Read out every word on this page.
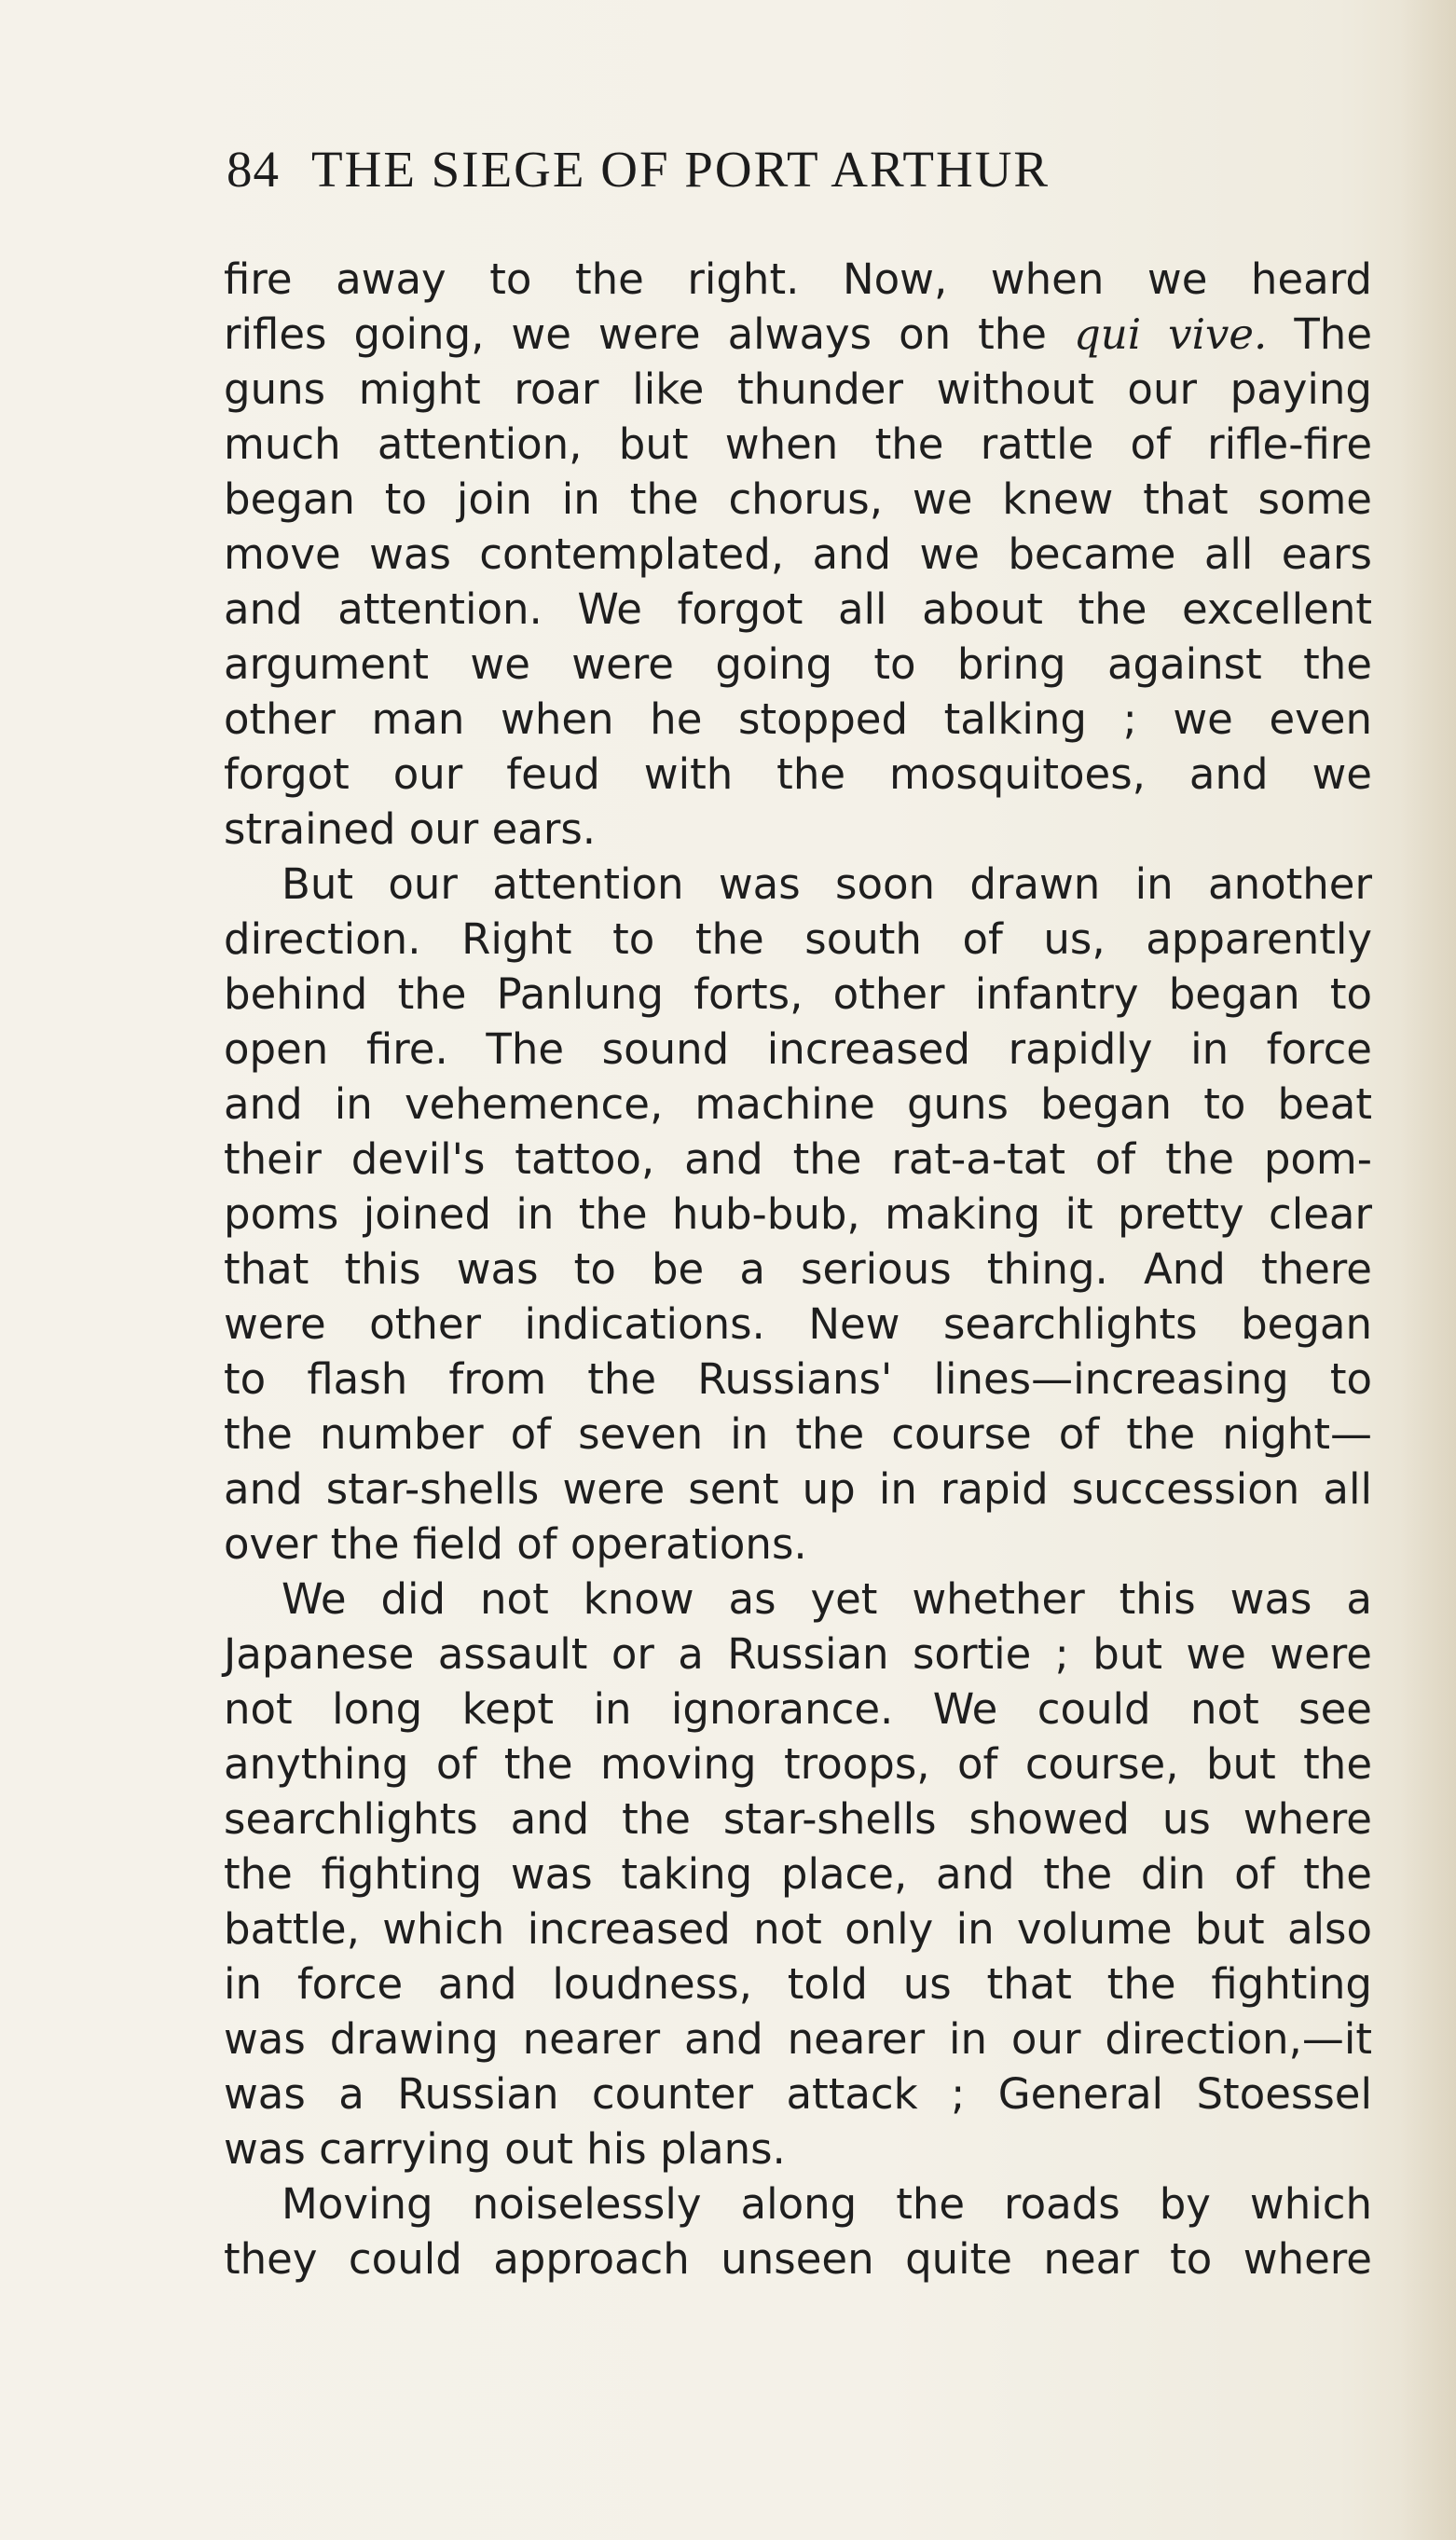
84 THE SIEGE OF PORT ARTHUR
fire away to the right. Now, when we heard
rifles going, we were always on the qui vive. The
guns might roar like thunder without our paying
much attention, but when the rattle of rifle-fire
began to join in the chorus, we knew that some
move was contemplated, and we became all ears
and attention. We forgot all about the excellent
argument we were going to bring against the
other man when he stopped talking ; we even
forgot our feud with the mosquitoes, and we
strained our ears.
But our attention was soon drawn in another
direction. Right to the south of us, apparently
behind the Panlung forts, other infantry began to
open fire. The sound increased rapidly in force
and in vehemence, machine guns began to beat
their devil's tattoo, and the rat-a-tat of the pom-
poms joined in the hub-bub, making it pretty clear
that this was to be a serious thing. And there
were other indications. New searchlights began
to flash from the Russians' lines—increasing to
the number of seven in the course of the night—
and star-shells were sent up in rapid succession all
over the field of operations.
We did not know as yet whether this was a
Japanese assault or a Russian sortie ; but we were
not long kept in ignorance. We could not see
anything of the moving troops, of course, but the
searchlights and the star-shells showed us where
the fighting was taking place, and the din of the
battle, which increased not only in volume but also
in force and loudness, told us that the fighting
was drawing nearer and nearer in our direction,—it
was a Russian counter attack ; General Stoessel
was carrying out his plans.
Moving noiselessly along the roads by which
they could approach unseen quite near to where
